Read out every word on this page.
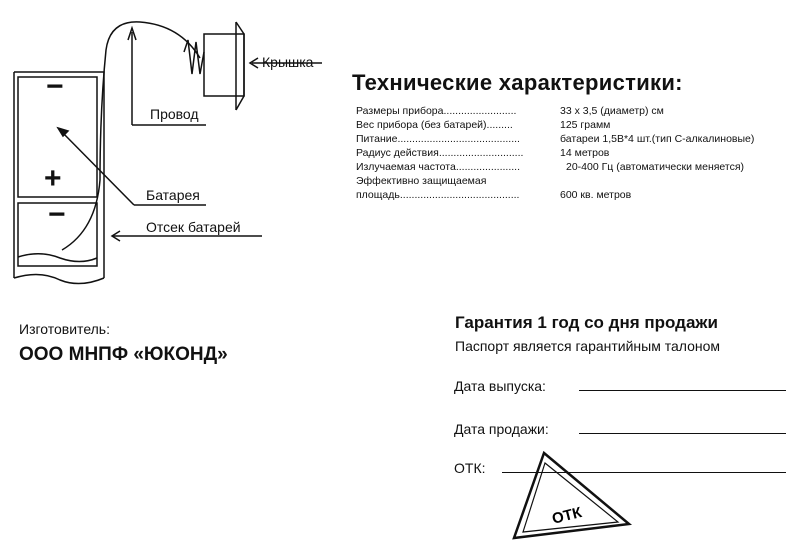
−
+
−
Крышка
Провод
Батарея
Отсек батарей
Технические характеристики:
Размеры прибора.........................	33 х 3,5 (диаметр) см
Вес прибора (без батарей).........	125 грамм
Питание..........................................	батареи 1,5В*4 шт.(тип С-алкалиновые)
Радиус действия.............................	14 метров
Излучаемая частота......................	20-400 Гц (автоматически меняется)
Эффективно защищаемая
площадь.........................................	600 кв. метров
Изготовитель:
ООО МНПФ «ЮКОНД»
Гарантия 1 год со дня продажи
Паспорт является гарантийным талоном
Дата выпуска:
Дата продажи:
ОТК:
ОТК
